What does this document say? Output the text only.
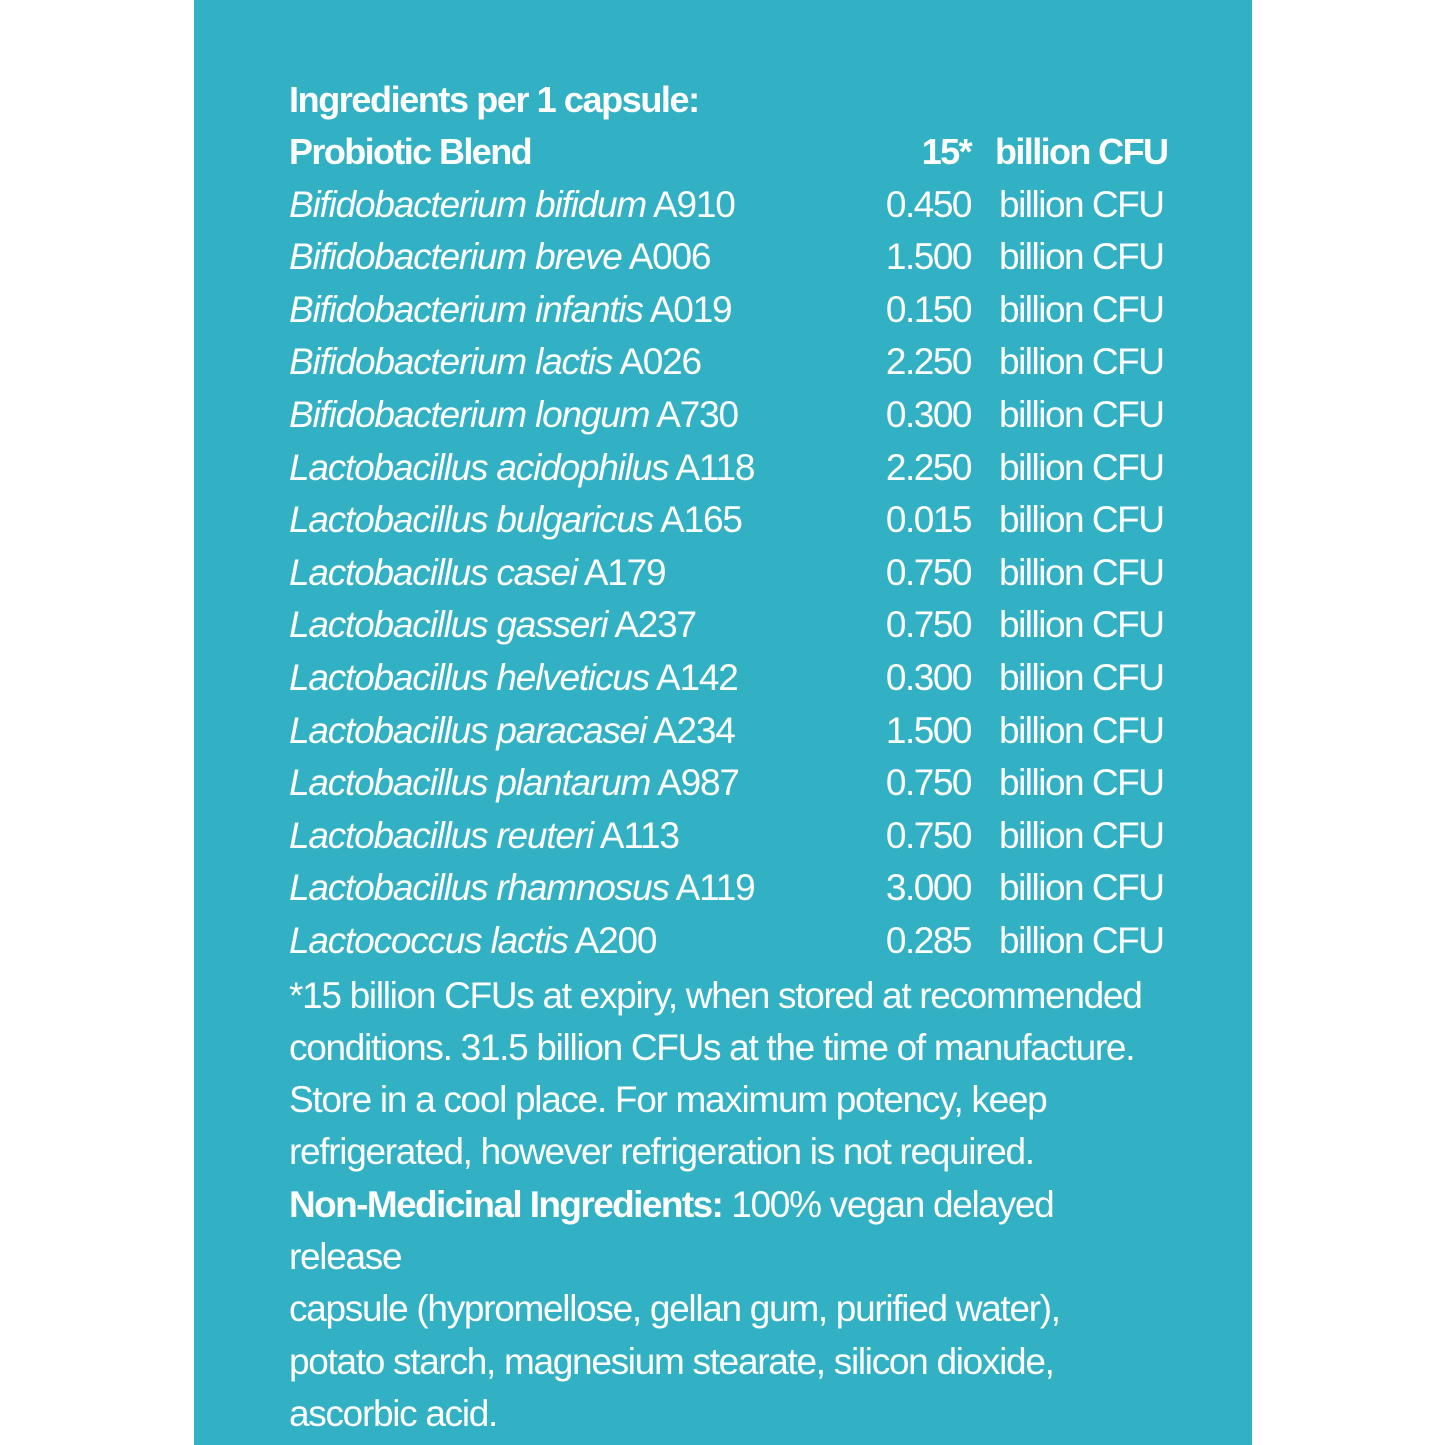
Ingredients per 1 capsule:
Probiotic Blend	15* billion CFU
Bifidobacterium bifidum A910	0.450 billion CFU
Bifidobacterium breve A006	1.500 billion CFU
Bifidobacterium infantis A019	0.150 billion CFU
Bifidobacterium lactis A026	2.250 billion CFU
Bifidobacterium longum A730	0.300 billion CFU
Lactobacillus acidophilus A118	2.250 billion CFU
Lactobacillus bulgaricus A165	0.015 billion CFU
Lactobacillus casei A179	0.750 billion CFU
Lactobacillus gasseri A237	0.750 billion CFU
Lactobacillus helveticus A142	0.300 billion CFU
Lactobacillus paracasei A234	1.500 billion CFU
Lactobacillus plantarum A987	0.750 billion CFU
Lactobacillus reuteri A113	0.750 billion CFU
Lactobacillus rhamnosus A119	3.000 billion CFU
Lactococcus lactis A200	0.285 billion CFU

*15 billion CFUs at expiry, when stored at recommended

conditions. 31.5 billion CFUs at the time of manufacture.

Store in a cool place. For maximum potency, keep

refrigerated, however refrigeration is not required.

Non-Medicinal Ingredients: 100% vegan delayed release

capsule (hypromellose, gellan gum, purified water),

potato starch, magnesium stearate, silicon dioxide,

ascorbic acid.
